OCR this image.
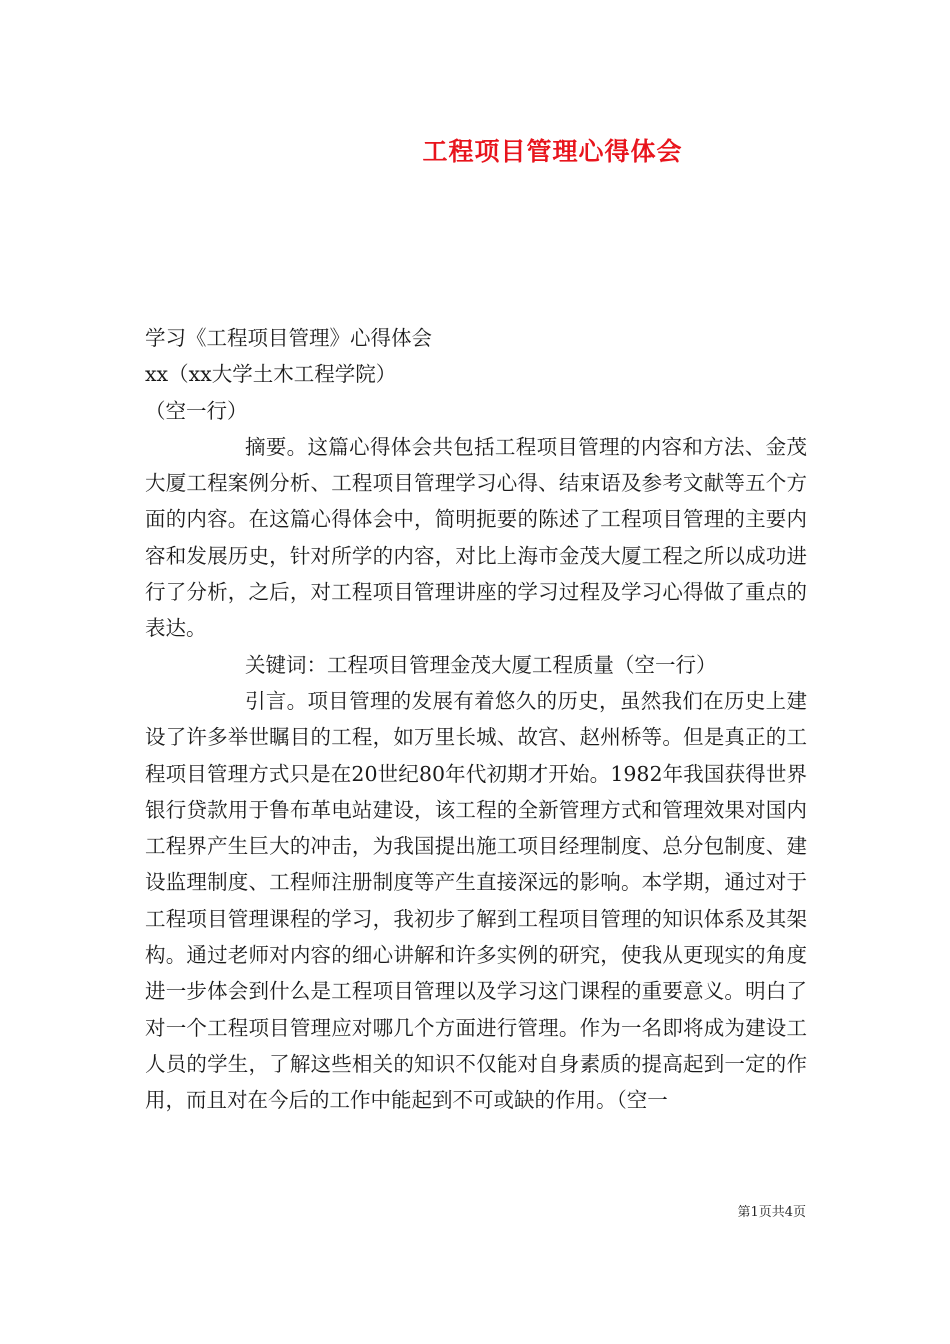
工程项目管理心得体会

学习《工程项目管理》心得体会

xx（xx大学土木工程学院）

（空一行）

摘要。这篇心得体会共包括工程项目管理的内容和方法、金茂大厦工程案例分析、工程项目管理学习心得、结束语及参考文献等五个方面的内容。在这篇心得体会中，简明扼要的陈述了工程项目管理的主要内容和发展历史，针对所学的内容，对比上海市金茂大厦工程之所以成功进行了分析，之后，对工程项目管理讲座的学习过程及学习心得做了重点的表达。

关键词：工程项目管理金茂大厦工程质量（空一行）

引言。项目管理的发展有着悠久的历史，虽然我们在历史上建设了许多举世瞩目的工程，如万里长城、故宫、赵州桥等。但是真正的工程项目管理方式只是在20世纪80年代初期才开始。1982年我国获得世界银行贷款用于鲁布革电站建设，该工程的全新管理方式和管理效果对国内工程界产生巨大的冲击，为我国提出施工项目经理制度、总分包制度、建设监理制度、工程师注册制度等产生直接深远的影响。本学期，通过对于工程项目管理课程的学习，我初步了解到工程项目管理的知识体系及其架构。通过老师对内容的细心讲解和许多实例的研究，使我从更现实的角度进一步体会到什么是工程项目管理以及学习这门课程的重要意义。明白了对一个工程项目管理应对哪几个方面进行管理。作为一名即将成为建设工人员的学生，了解这些相关的知识不仅能对自身素质的提高起到一定的作用，而且对在今后的工作中能起到不可或缺的作用。（空一

第1页共4页
